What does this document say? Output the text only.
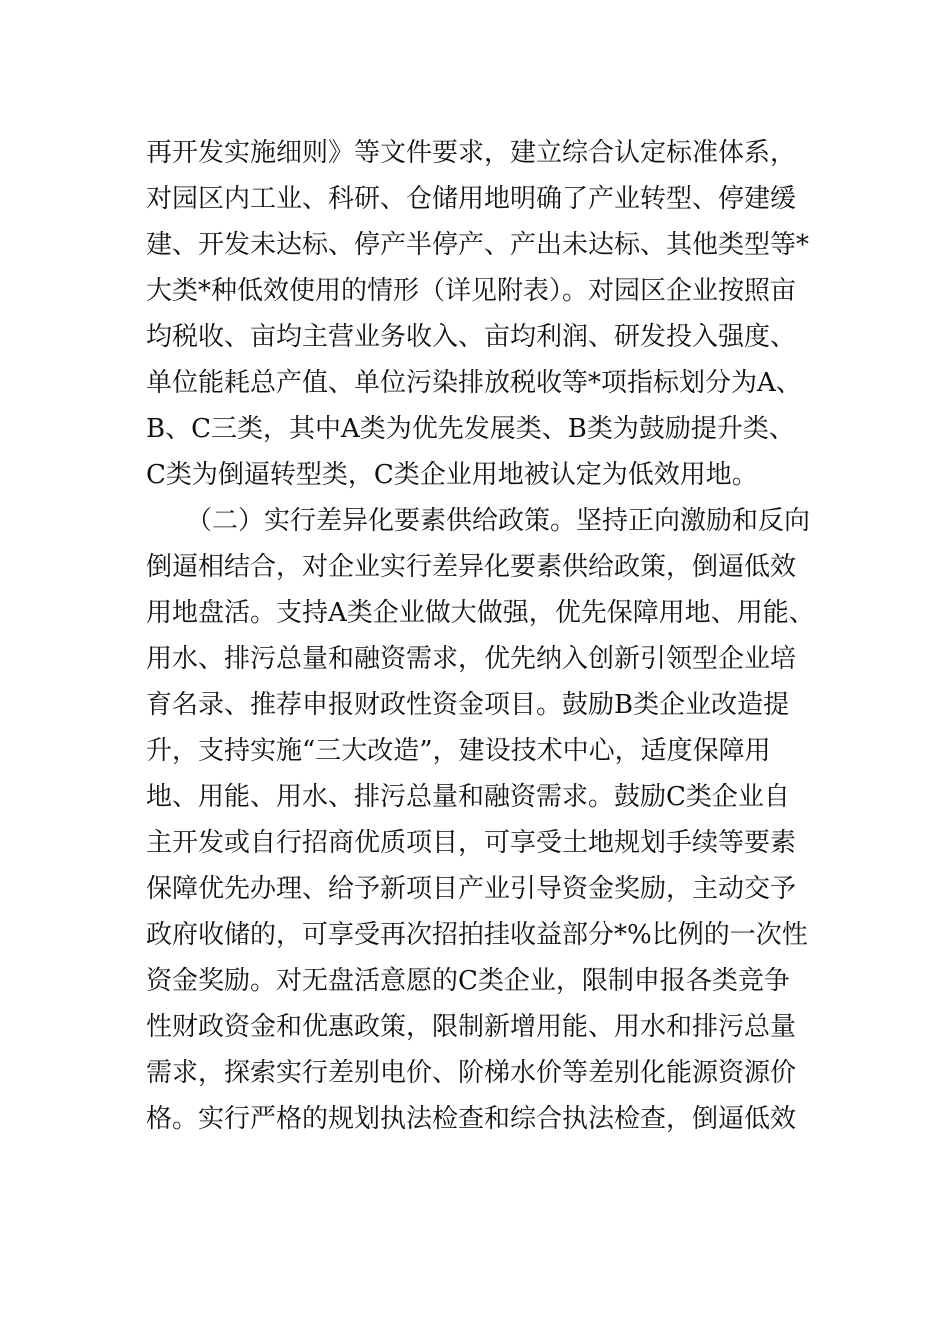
再开发实施细则》等文件要求，建立综合认定标准体系，
对园区内工业、科研、仓储用地明确了产业转型、停建缓
建、开发未达标、停产半停产、产出未达标、其他类型等*
大类*种低效使用的情形（详见附表）。对园区企业按照亩
均税收、亩均主营业务收入、亩均利润、研发投入强度、
单位能耗总产值、单位污染排放税收等*项指标划分为A、
B、C三类，其中A类为优先发展类、B类为鼓励提升类、
C类为倒逼转型类，C类企业用地被认定为低效用地。
（二）实行差异化要素供给政策。坚持正向激励和反向
倒逼相结合，对企业实行差异化要素供给政策，倒逼低效
用地盘活。支持A类企业做大做强，优先保障用地、用能、
用水、排污总量和融资需求，优先纳入创新引领型企业培
育名录、推荐申报财政性资金项目。鼓励B类企业改造提
升，支持实施“三大改造”，建设技术中心，适度保障用
地、用能、用水、排污总量和融资需求。鼓励C类企业自
主开发或自行招商优质项目，可享受土地规划手续等要素
保障优先办理、给予新项目产业引导资金奖励，主动交予
政府收储的，可享受再次招拍挂收益部分*%比例的一次性
资金奖励。对无盘活意愿的C类企业，限制申报各类竞争
性财政资金和优惠政策，限制新增用能、用水和排污总量
需求，探索实行差别电价、阶梯水价等差别化能源资源价
格。实行严格的规划执法检查和综合执法检查，倒逼低效
